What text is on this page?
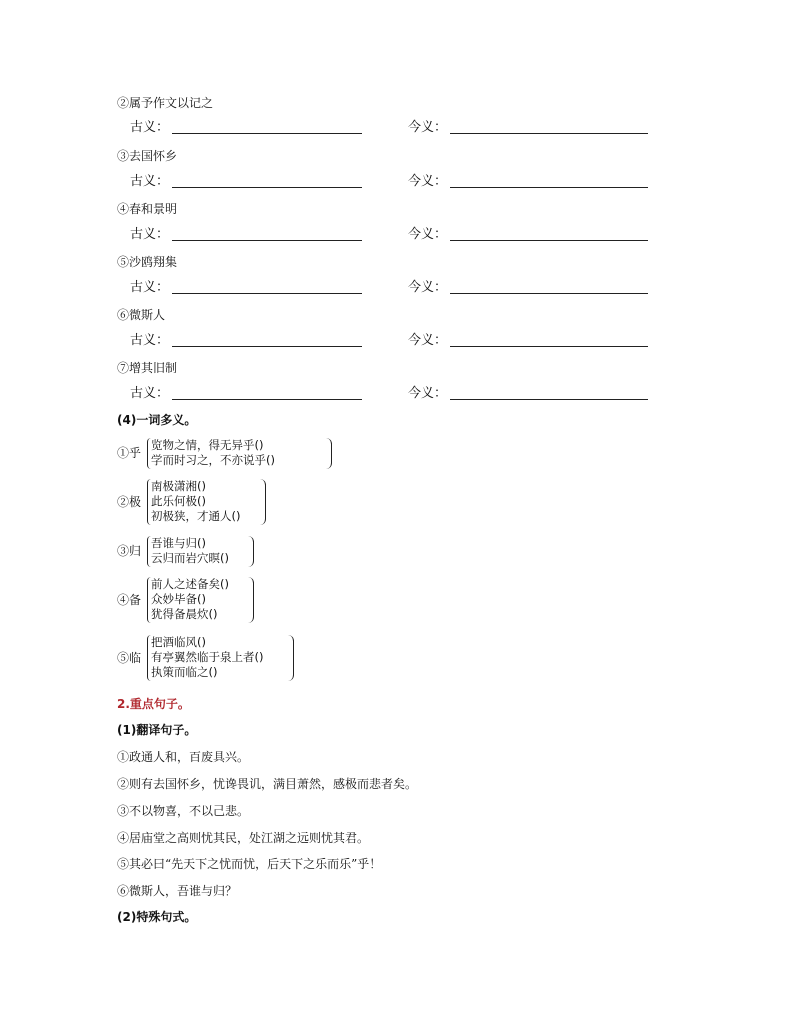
②属予作文以记之
古义：	今义：
③去国怀乡
古义：	今义：
④春和景明
古义：	今义：
⑤沙鸥翔集
古义：	今义：
⑥微斯人
古义：	今义：
⑦增其旧制
古义：	今义：
(4)一词多义。
①乎
览物之情，得无异乎()
学而时习之，不亦说乎()
②极
南极潇湘()
此乐何极()
初极狭，才通人()
③归
吾谁与归()
云归而岩穴暝()
④备
前人之述备矣()
众妙毕备()
犹得备晨炊()
⑤临
把酒临风()
有亭翼然临于泉上者()
执策而临之()
2.重点句子。
(1)翻译句子。
①政通人和，百废具兴。
②则有去国怀乡，忧谗畏讥，满目萧然，感极而悲者矣。
③不以物喜，不以己悲。
④居庙堂之高则忧其民，处江湖之远则忧其君。
⑤其必曰“先天下之忧而忧，后天下之乐而乐”乎！
⑥微斯人，吾谁与归？
(2)特殊句式。
